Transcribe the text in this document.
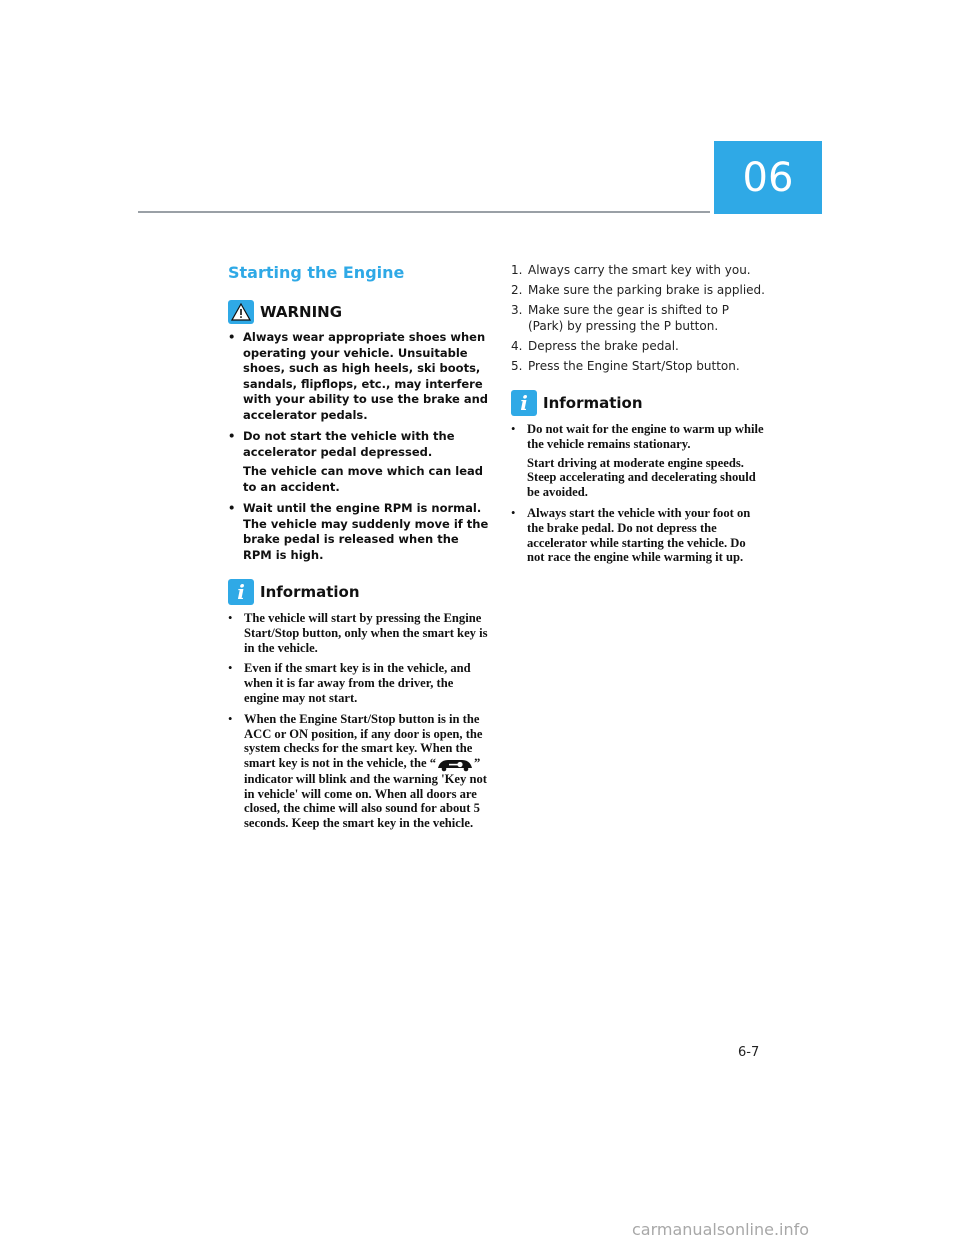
06
Starting the Engine
WARNING
• Always wear appropriate shoes when operating your vehicle. Unsuitable shoes, such as high heels, ski boots, sandals, flipflops, etc., may interfere with your ability to use the brake and accelerator pedals.
• Do not start the vehicle with the accelerator pedal depressed.
The vehicle can move which can lead to an accident.
• Wait until the engine RPM is normal. The vehicle may suddenly move if the brake pedal is released when the RPM is high.
i	Information
• The vehicle will start by pressing the Engine Start/Stop button, only when the smart key is in the vehicle.
• Even if the smart key is in the vehicle, and when it is far away from the driver, the engine may not start.
• When the Engine Start/Stop button is in the ACC or ON position, if any door is open, the system checks for the smart key. When the smart key is not in the vehicle, the “	” indicator will blink and the warning 'Key not in vehicle' will come on. When all doors are closed, the chime will also sound for about 5 seconds. Keep the smart key in the vehicle.
1. Always carry the smart key with you.
2. Make sure the parking brake is applied.
3. Make sure the gear is shifted to P (Park) by pressing the P button.
4. Depress the brake pedal.
5. Press the Engine Start/Stop button.
i	Information
• Do not wait for the engine to warm up while the vehicle remains stationary.
Start driving at moderate engine speeds. Steep accelerating and decelerating should be avoided.
• Always start the vehicle with your foot on the brake pedal. Do not depress the accelerator while starting the vehicle. Do not race the engine while warming it up.
6-7
carmanualsonline.info
